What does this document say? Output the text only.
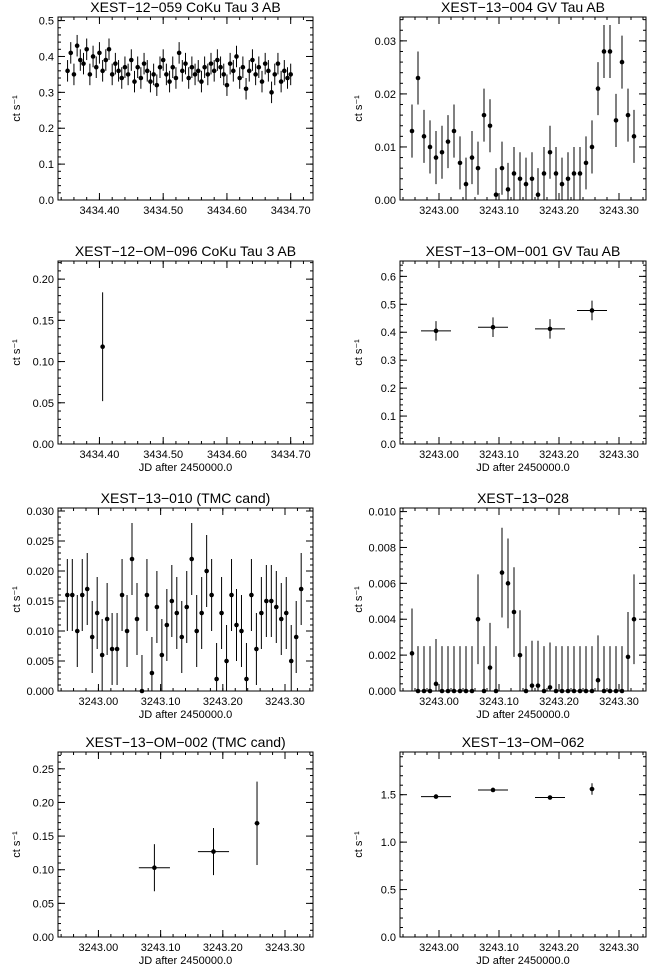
XEST−12−059 CoKu Tau 3 AB
3434.40 3434.50 3434.60 3434.70
0.0
0.1
0.2
0.3
0.4
0.5
ct s⁻¹
XEST−13−004 GV Tau AB
3243.00 3243.10 3243.20 3243.30
0.00
0.01
0.02
0.03
ct s⁻¹
XEST−12−OM−096 CoKu Tau 3 AB
3434.40 3434.50 3434.60 3434.70
0.00
0.05
0.10
0.15
0.20
ct s⁻¹
JD after 2450000.0
XEST−13−OM−001 GV Tau AB
3243.00 3243.10 3243.20 3243.30
0.0
0.1
0.2
0.3
0.4
0.5
0.6
ct s⁻¹
JD after 2450000.0
XEST−13−010 (TMC cand)
3243.00 3243.10 3243.20 3243.30
0.000
0.005
0.010
0.015
0.020
0.025
0.030
ct s⁻¹
JD after 2450000.0
XEST−13−028
3243.00 3243.10 3243.20 3243.30
0.000
0.002
0.004
0.006
0.008
0.010
ct s⁻¹
JD after 2450000.0
XEST−13−OM−002 (TMC cand)
3243.00 3243.10 3243.20 3243.30
0.00
0.05
0.10
0.15
0.20
0.25
ct s⁻¹
JD after 2450000.0
XEST−13−OM−062
3243.00 3243.10 3243.20 3243.30
0.0
0.5
1.0
1.5
ct s⁻¹
JD after 2450000.0
